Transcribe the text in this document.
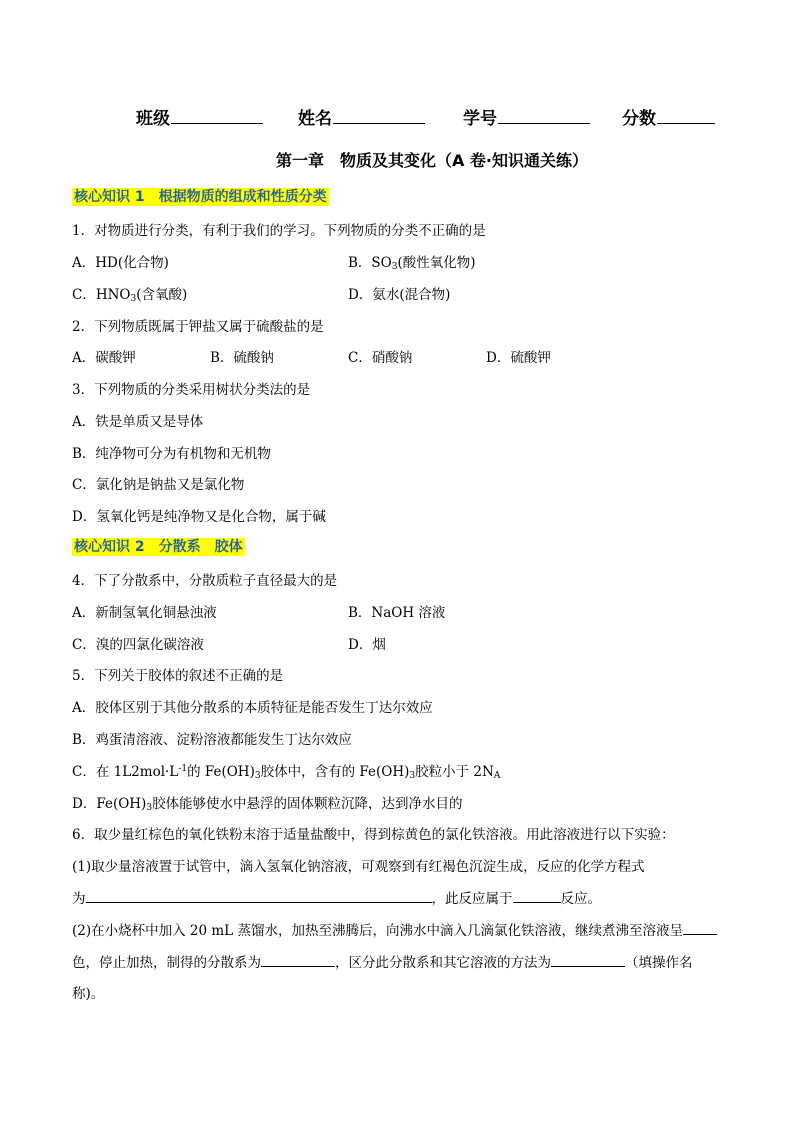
班级	姓名	学号	分数
第一章　物质及其变化（A 卷·知识通关练）
核心知识 1　根据物质的组成和性质分类
1．对物质进行分类，有利于我们的学习。下列物质的分类不正确的是
A．HD(化合物)	B．$SO_3$(酸性氧化物)
C．$HNO_3$(含氧酸)	D．氨水(混合物)
2．下列物质既属于钾盐又属于硫酸盐的是
A．碳酸钾	B．硫酸钠	C．硝酸钠	D．硫酸钾
3．下列物质的分类采用树状分类法的是
A．铁是单质又是导体
B．纯净物可分为有机物和无机物
C．氯化钠是钠盐又是氯化物
D．氢氧化钙是纯净物又是化合物，属于碱
核心知识 2　分散系　胶体
4．下了分散系中，分散质粒子直径最大的是
A．新制氢氧化铜悬浊液	B．NaOH 溶液
C．溴的四氯化碳溶液	D．烟
5．下列关于胶体的叙述不正确的是
A．胶体区别于其他分散系的本质特征是能否发生丁达尔效应
B．鸡蛋清溶液、淀粉溶液都能发生丁达尔效应
C．在 $1L2mol\cdot L^{-1}$的 $Fe(OH)_3$胶体中，含有的 $Fe(OH)_3$胶粒小于 $2N_A$
D．$Fe(OH)_3$胶体能够使水中悬浮的固体颗粒沉降，达到净水目的
6．取少量红棕色的氧化铁粉末溶于适量盐酸中，得到棕黄色的氯化铁溶液。用此溶液进行以下实验：
(1)取少量溶液置于试管中，滴入氢氧化钠溶液，可观察到有红褐色沉淀生成，反应的化学方程式
为	，此反应属于	反应。
(2)在小烧杯中加入 20 mL 蒸馏水，加热至沸腾后，向沸水中滴入几滴氯化铁溶液，继续煮沸至溶液呈
色，停止加热，制得的分散系为	，区分此分散系和其它溶液的方法为	（填操作名
称)。
